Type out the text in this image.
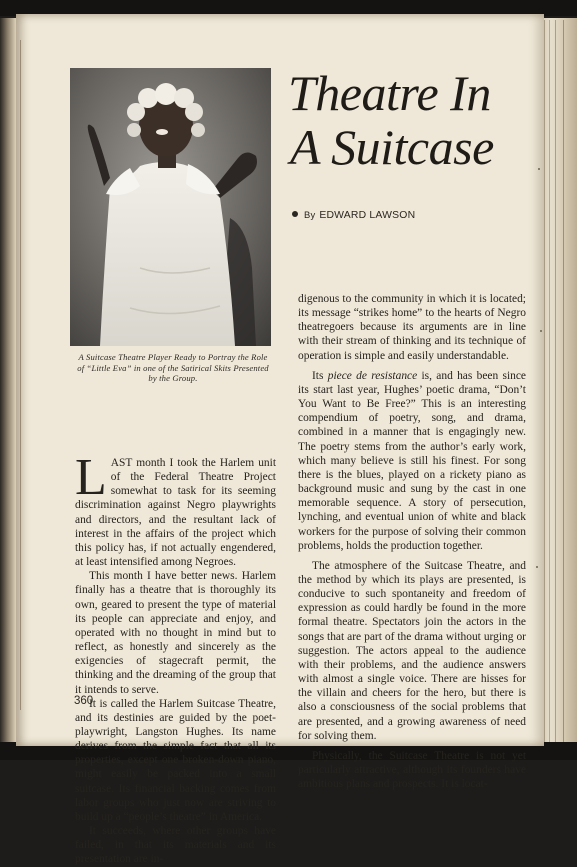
A Suitcase Theatre Player Ready to Portray the Role of “Little Eva” in one of the Satirical Skits Presented by the Group.

Theatre In
A Suitcase
By EDWARD LAWSON

LAST month I took the Harlem unit of the Federal Theatre Project somewhat to task for its seeming discrimination against Negro playwrights and directors, and the resultant lack of interest in the affairs of the project which this policy has, if not actually engendered, at least intensified among Negroes.

This month I have better news. Harlem finally has a theatre that is thoroughly its own, geared to present the type of material its people can appreciate and enjoy, and operated with no thought in mind but to reflect, as honestly and sincerely as the exigencies of stagecraft permit, the thinking and the dreaming of the group that it intends to serve.

It is called the Harlem Suitcase Theatre, and its destinies are guided by the poet-playwright, Langston Hughes. Its name derives from the simple fact that all its properties, except one broken-down piano, might easily be packed into a small suitcase. Its financial backing comes from labor groups who just now are striving to build up a “people’s theatre” in America.

It succeeds, where other groups have failed, in that its materials and its presentation are in-

digenous to the community in which it is located; its message “strikes home” to the hearts of Negro theatregoers because its arguments are in line with their stream of thinking and its technique of operation is simple and easily understandable.

Its piece de resistance is, and has been since its start last year, Hughes’ poetic drama, “Don’t You Want to Be Free?” This is an interesting compendium of poetry, song, and drama, combined in a manner that is engagingly new. The poetry stems from the author’s early work, which many believe is still his finest. For song there is the blues, played on a rickety piano as background music and sung by the cast in one memorable sequence. A story of persecution, lynching, and eventual union of white and black workers for the purpose of solving their common problems, holds the production together.

The atmosphere of the Suitcase Theatre, and the method by which its plays are presented, is conducive to such spontaneity and freedom of expression as could hardly be found in the more formal theatre. Spectators join the actors in the songs that are part of the drama without urging or suggestion. The actors appeal to the audience with their problems, and the audience answers with almost a single voice. There are hisses for the villain and cheers for the hero, but there is also a consciousness of the social problems that are presented, and a growing awareness of need for solving them.

Physically, the Suitcase Theatre is not yet particularly attractive, although its founders have ambitious plans and prospects. It is locat-

360
